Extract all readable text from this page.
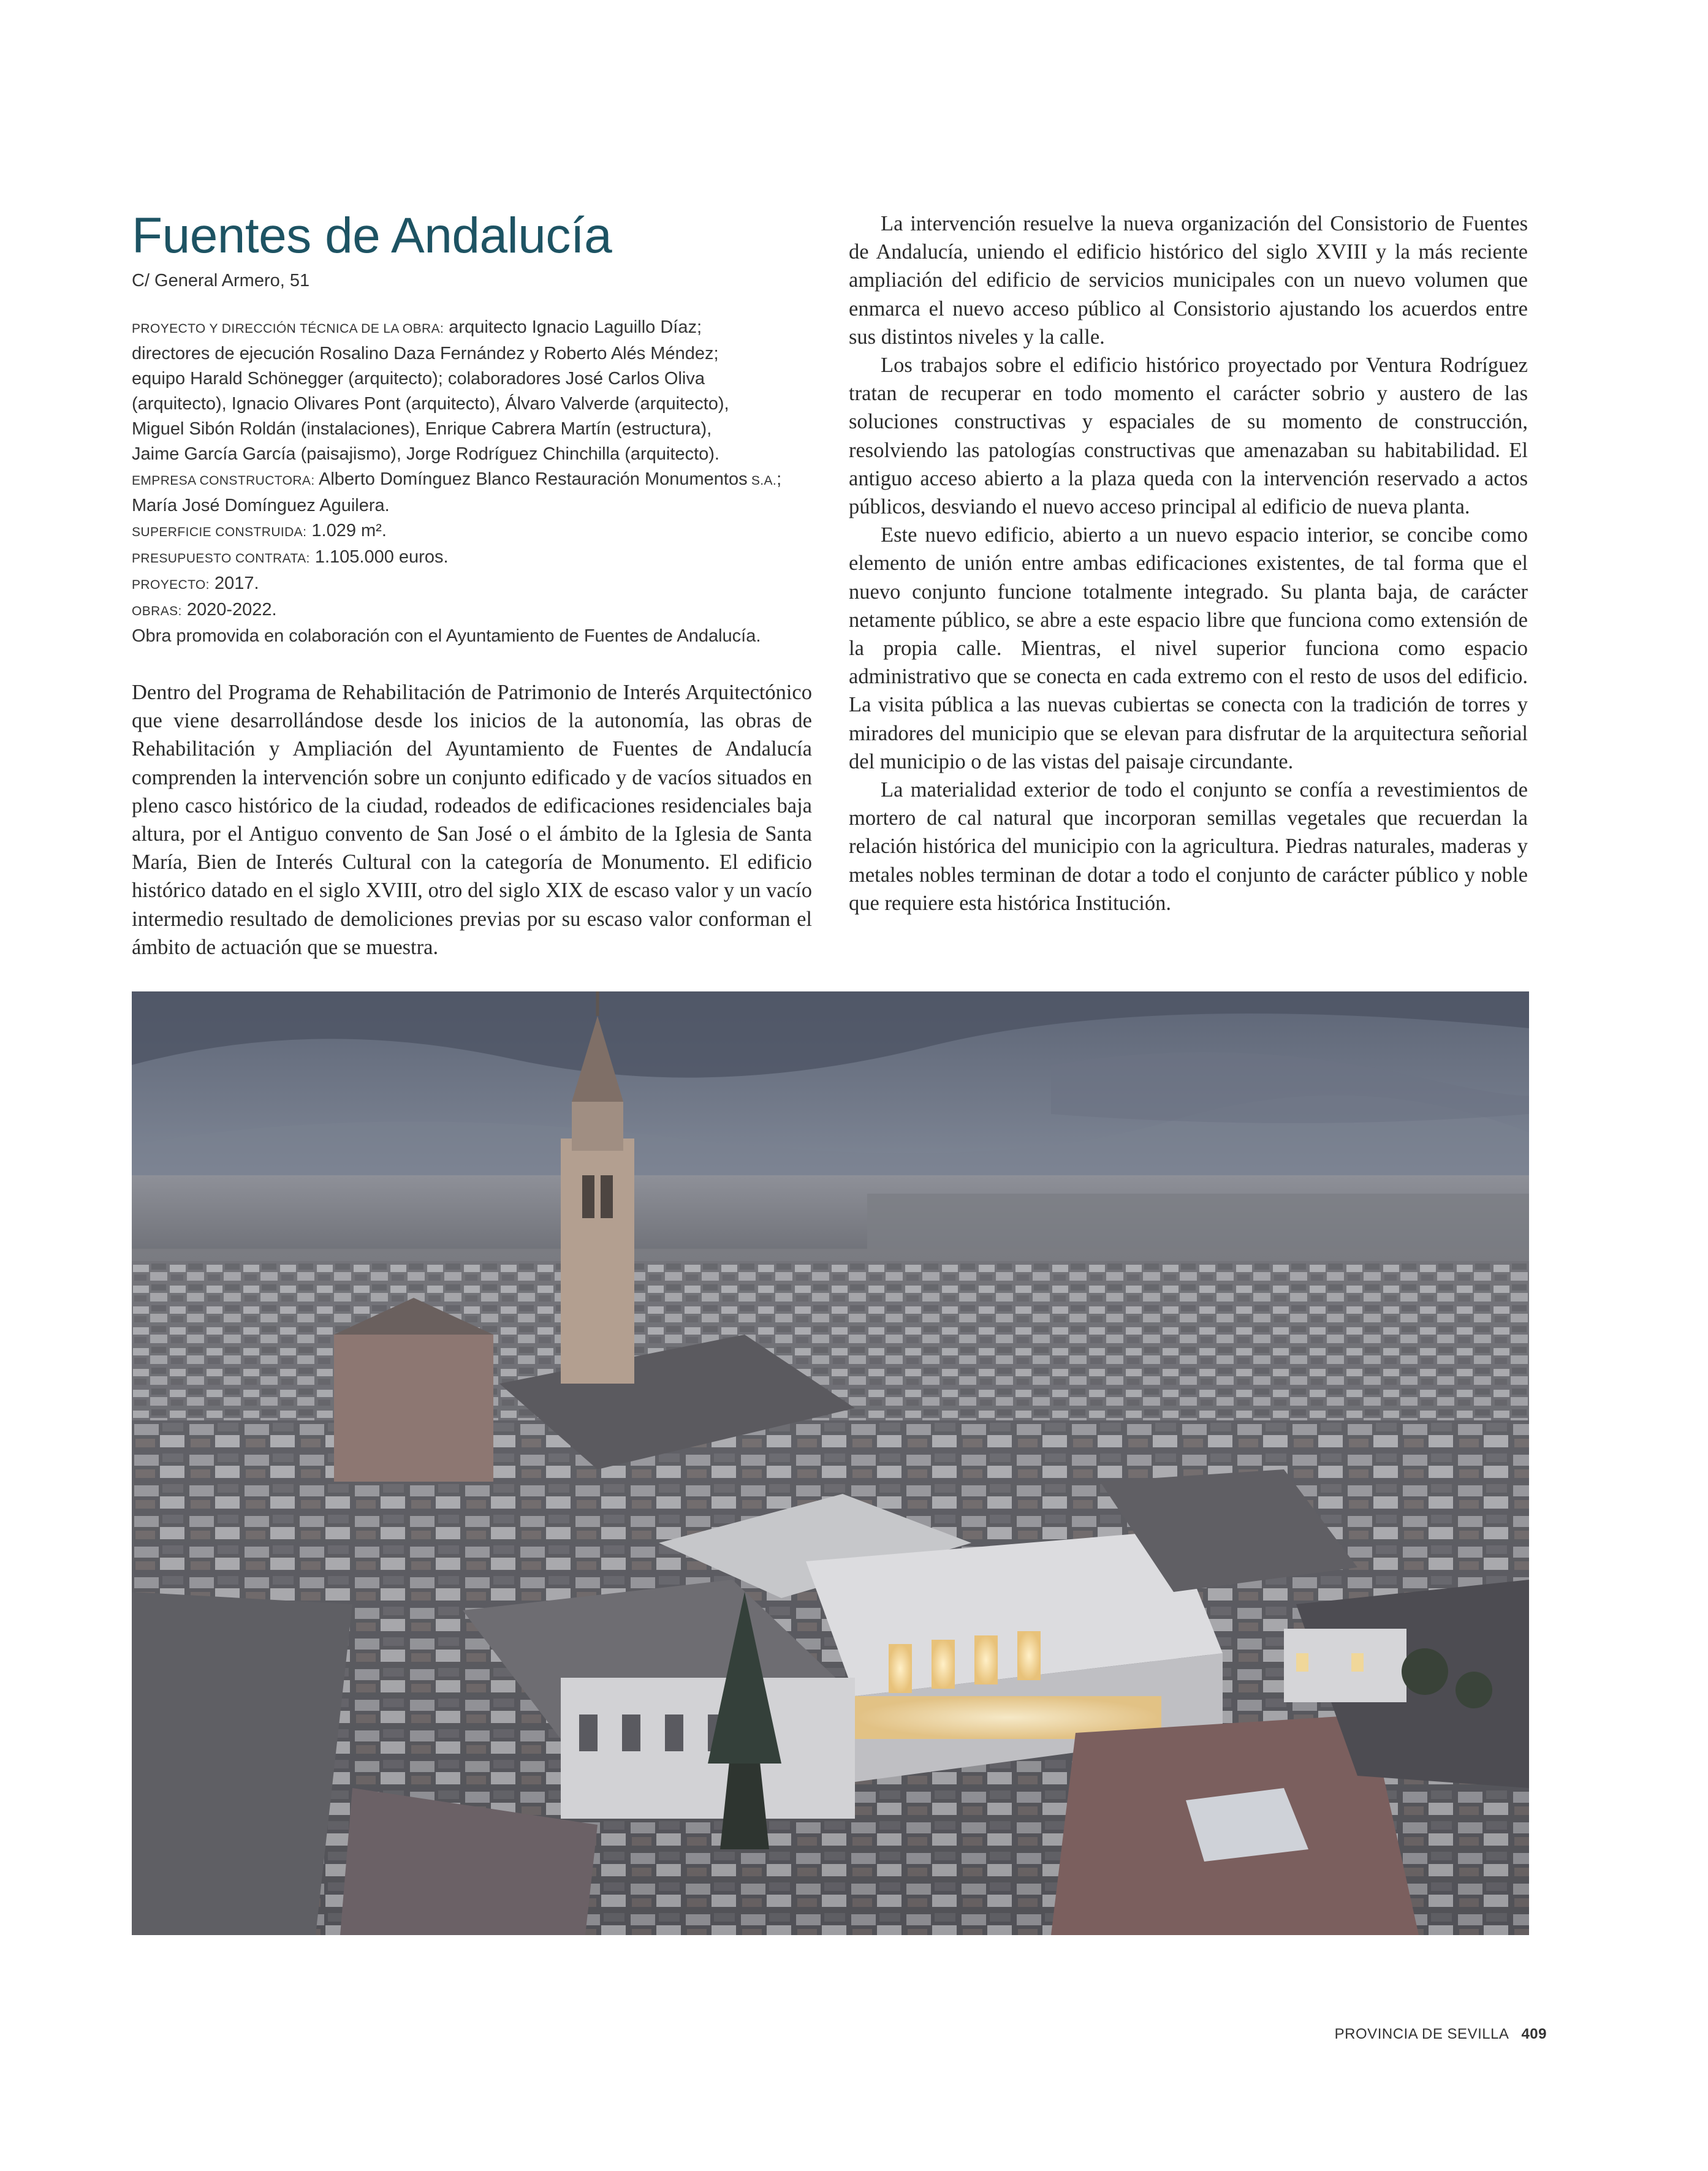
Fuentes de Andalucía
C/ General Armero, 51
PROYECTO Y DIRECCIÓN TÉCNICA DE LA OBRA: arquitecto Ignacio Laguillo Díaz;
directores de ejecución Rosalino Daza Fernández y Roberto Alés Méndez;
equipo Harald Schönegger (arquitecto); colaboradores José Carlos Oliva
(arquitecto), Ignacio Olivares Pont (arquitecto), Álvaro Valverde (arquitecto),
Miguel Sibón Roldán (instalaciones), Enrique Cabrera Martín (estructura),
Jaime García García (paisajismo), Jorge Rodríguez Chinchilla (arquitecto).
EMPRESA CONSTRUCTORA: Alberto Domínguez Blanco Restauración Monumentos S.A.;
María José Domínguez Aguilera.
SUPERFICIE CONSTRUIDA: 1.029 m².
PRESUPUESTO CONTRATA: 1.105.000 euros.
PROYECTO: 2017.
OBRAS: 2020-2022.
Obra promovida en colaboración con el Ayuntamiento de Fuentes de Andalucía.

Dentro del Programa de Rehabilitación de Patrimonio de Interés Arquitectónico que viene desarrollándose desde los inicios de la autonomía, las obras de Rehabilitación y Ampliación del Ayuntamiento de Fuentes de Andalucía comprenden la intervención sobre un conjunto edificado y de vacíos situados en pleno casco histórico de la ciudad, rodeados de edificaciones residenciales baja altura, por el Antiguo convento de San José o el ámbito de la Iglesia de Santa María, Bien de Interés Cultural con la categoría de Monumento. El edificio histórico datado en el siglo XVIII, otro del siglo XIX de escaso valor y un vacío intermedio resultado de demoliciones previas por su escaso valor conforman el ámbito de actuación que se muestra.

La intervención resuelve la nueva organización del Consistorio de Fuentes de Andalucía, uniendo el edificio histórico del siglo XVIII y la más reciente ampliación del edificio de servicios municipales con un nuevo volumen que enmarca el nuevo acceso público al Consistorio ajustando los acuerdos entre sus distintos niveles y la calle.

Los trabajos sobre el edificio histórico proyectado por Ventura Rodríguez tratan de recuperar en todo momento el carácter sobrio y austero de las soluciones constructivas y espaciales de su momento de construcción, resolviendo las patologías constructivas que amenazaban su habitabilidad. El antiguo acceso abierto a la plaza queda con la intervención reservado a actos públicos, desviando el nuevo acceso principal al edificio de nueva planta.

Este nuevo edificio, abierto a un nuevo espacio interior, se concibe como elemento de unión entre ambas edificaciones existentes, de tal forma que el nuevo conjunto funcione totalmente integrado. Su planta baja, de carácter netamente público, se abre a este espacio libre que funciona como extensión de la propia calle. Mientras, el nivel superior funciona como espacio administrativo que se conecta en cada extremo con el resto de usos del edificio. La visita pública a las nuevas cubiertas se conecta con la tradición de torres y miradores del municipio que se elevan para disfrutar de la arquitectura señorial del municipio o de las vistas del paisaje circundante.

La materialidad exterior de todo el conjunto se confía a revestimientos de mortero de cal natural que incorporan semillas vegetales que recuerdan la relación histórica del municipio con la agricultura. Piedras naturales, maderas y metales nobles terminan de dotar a todo el conjunto de carácter público y noble que requiere esta histórica Institución.

PROVINCIA DE SEVILLA 409
